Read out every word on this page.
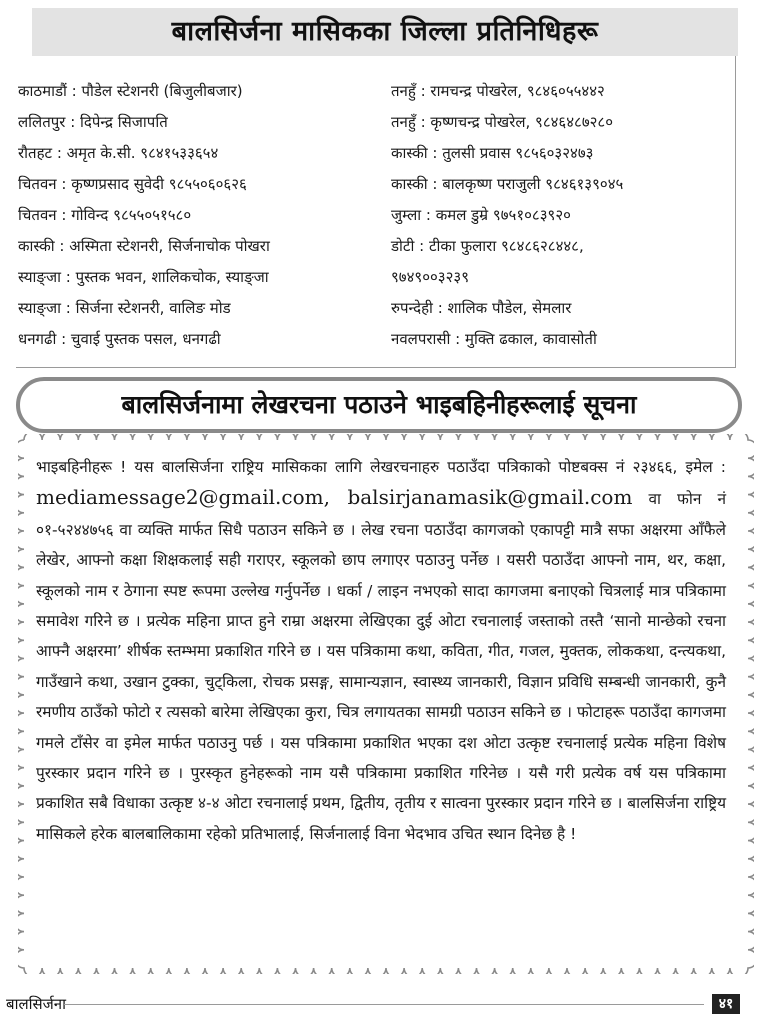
बालसिर्जना मासिकका जिल्ला प्रतिनिधिहरू
काठमाडौं : पौडेल स्टेशनरी (बिजुलीबजार)
ललितपुर : दिपेन्द्र सिजापति
रौतहट : अमृत के.सी. ९८४१५३३६५४
चितवन : कृष्णप्रसाद सुवेदी ९८५५०६०६२६
चितवन : गोविन्द ९८५५०५१५८०
कास्की : अस्मिता स्टेशनरी, सिर्जनाचोक पोखरा
स्याङ्जा : पुस्तक भवन, शालिकचोक, स्याङ्जा
स्याङ्जा : सिर्जना स्टेशनरी, वालिङ मोड
धनगढी : चुवाई पुस्तक पसल, धनगढी
तनहुँ : रामचन्द्र पोखरेल, ९८४६०५५४४२
तनहुँ : कृष्णचन्द्र पोखरेल, ९८४६४८७२८०
कास्की : तुलसी प्रवास ९८५६०३२४७३
कास्की : बालकृष्ण पराजुली ९८४६१३९०४५
जुम्ला : कमल डुम्रे ९७५१०८३९२०
डोटी : टीका फुलारा ९८४८६२८४४८,
९७४९००३२३९
रुपन्देही : शालिक पौडेल, सेमलार
नवलपरासी : मुक्ति ढकाल, कावासोती
बालसिर्जनामा लेखरचना पठाउने भाइबहिनीहरूलाई सूचना
भाइबहिनीहरू ! यस बालसिर्जना राष्ट्रिय मासिकका लागि लेखरचनाहरु पठाउँदा पत्रिकाको पोष्टबक्स नं २३४६६, इमेल : mediamessage2@gmail.com, balsirjanamasik@gmail.com वा फोन नं ०१-५२४४७५६ वा व्यक्ति मार्फत सिधै पठाउन सकिने छ । लेख रचना पठाउँदा कागजको एकापट्टी मात्रै सफा अक्षरमा आँफैले लेखेर, आफ्नो कक्षा शिक्षकलाई सही गराएर, स्कूलको छाप लगाएर पठाउनु पर्नेछ । यसरी पठाउँदा आफ्नो नाम, थर, कक्षा, स्कूलको नाम र ठेगाना स्पष्ट रूपमा उल्लेख गर्नुपर्नेछ । धर्का / लाइन नभएको सादा कागजमा बनाएको चित्रलाई मात्र पत्रिकामा समावेश गरिने छ । प्रत्येक महिना प्राप्त हुने राम्रा अक्षरमा लेखिएका दुई ओटा रचनालाई जस्ताको तस्तै ‘सानो मान्छेको रचना आफ्नै अक्षरमा’ शीर्षक स्तम्भमा प्रकाशित गरिने छ । यस पत्रिकामा कथा, कविता, गीत, गजल, मुक्तक, लोककथा, दन्त्यकथा, गाउँखाने कथा, उखान टुक्का, चुट्किला, रोचक प्रसङ्ग, सामान्यज्ञान, स्वास्थ्य जानकारी, विज्ञान प्रविधि सम्बन्धी जानकारी, कुनै रमणीय ठाउँको फोटो र त्यसको बारेमा लेखिएका कुरा, चित्र लगायतका सामग्री पठाउन सकिने छ । फोटाहरू पठाउँदा कागजमा गमले टाँसेर वा इमेल मार्फत पठाउनु पर्छ । यस पत्रिकामा प्रकाशित भएका दश ओटा उत्कृष्ट रचनालाई प्रत्येक महिना विशेष पुरस्कार प्रदान गरिने छ । पुरस्कृत हुनेहरूको नाम यसै पत्रिकामा प्रकाशित गरिनेछ । यसै गरी प्रत्येक वर्ष यस पत्रिकामा प्रकाशित सबै विधाका उत्कृष्ट ४-४ ओटा रचनालाई प्रथम, द्वितीय, तृतीय र सात्वना पुरस्कार प्रदान गरिने छ । बालसिर्जना राष्ट्रिय मासिकले हरेक बालबालिकामा रहेको प्रतिभालाई, सिर्जनालाई विना भेदभाव उचित स्थान दिनेछ है !
बालसिर्जना	४१
